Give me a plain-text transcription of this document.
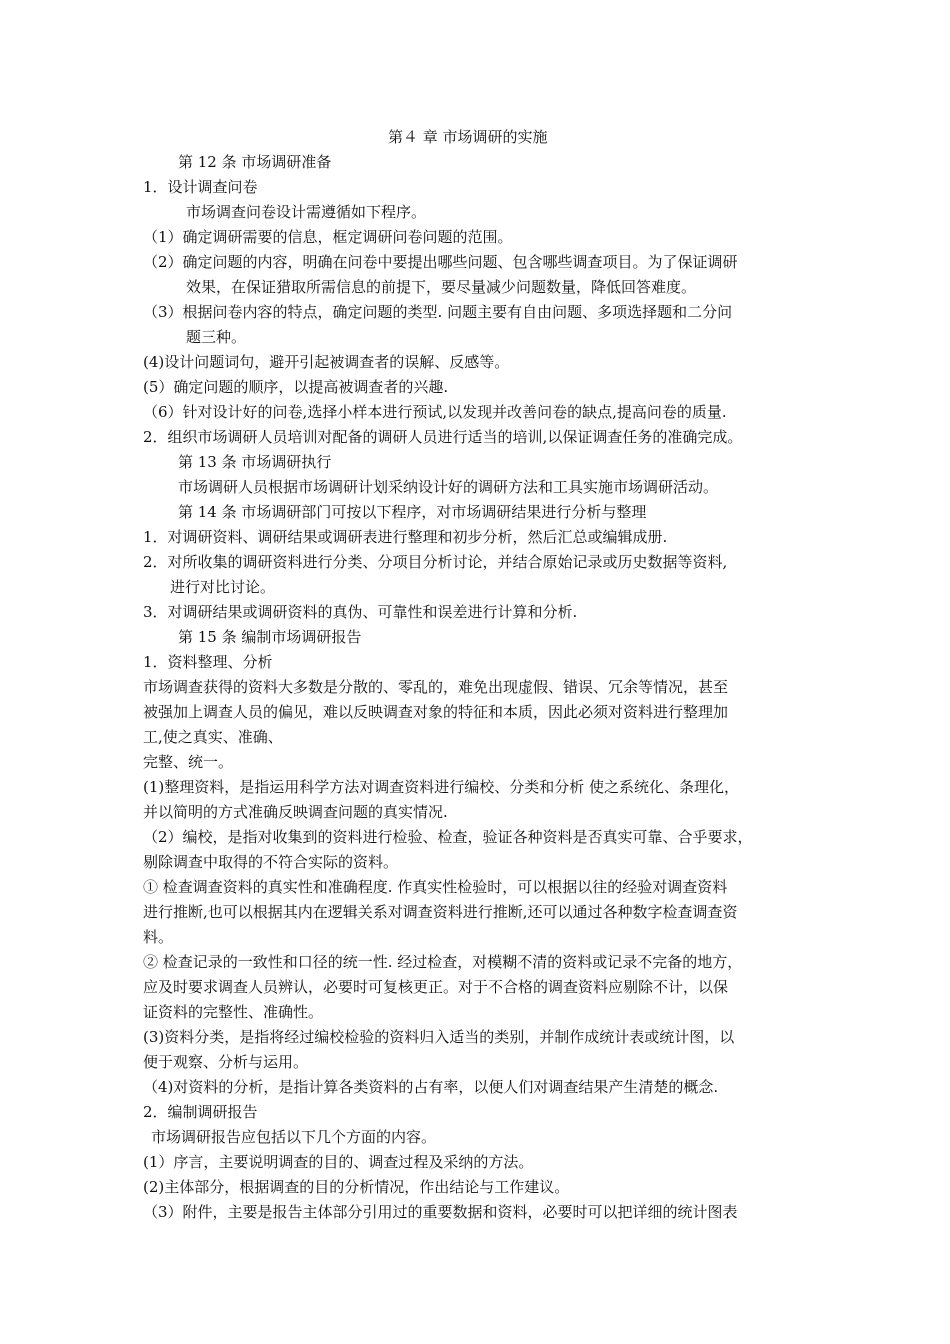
第４ 章 市场调研的实施
第 12 条 市场调研准备
1．设计调查问卷
市场调查问卷设计需遵循如下程序。
（1）确定调研需要的信息，框定调研问卷问题的范围。
（2）确定问题的内容，明确在问卷中要提出哪些问题、包含哪些调查项目。为了保证调研
效果，在保证猎取所需信息的前提下，要尽量减少问题数量，降低回答难度。
（3）根据问卷内容的特点，确定问题的类型. 问题主要有自由问题、多项选择题和二分问
题三种。
(4)设计问题词句，避开引起被调查者的误解、反感等。
(5）确定问题的顺序，以提高被调查者的兴趣.
（6）针对设计好的问卷,选择小样本进行预试,以发现并改善问卷的缺点,提高问卷的质量.
2．组织市场调研人员培训对配备的调研人员进行适当的培训,以保证调查任务的准确完成。
第 13 条 市场调研执行
市场调研人员根据市场调研计划采纳设计好的调研方法和工具实施市场调研活动。
第 14 条 市场调研部门可按以下程序，对市场调研结果进行分析与整理
1．对调研资料、调研结果或调研表进行整理和初步分析，然后汇总或编辑成册.
2．对所收集的调研资料进行分类、分项目分析讨论，并结合原始记录或历史数据等资料,
进行对比讨论。
3．对调研结果或调研资料的真伪、可靠性和误差进行计算和分析.
第 15 条 编制市场调研报告
1．资料整理、分析
市场调查获得的资料大多数是分散的、零乱的，难免出现虚假、错误、冗余等情况，甚至
被强加上调查人员的偏见，难以反映调查对象的特征和本质，因此必须对资料进行整理加
工,使之真实、准确、
完整、统一。
(1)整理资料，是指运用科学方法对调查资料进行编校、分类和分析 使之系统化、条理化，
并以简明的方式准确反映调查问题的真实情况.
（2）编校，是指对收集到的资料进行检验、检查，验证各种资料是否真实可靠、合乎要求，
剔除调查中取得的不符合实际的资料。
① 检查调查资料的真实性和准确程度. 作真实性检验时，可以根据以往的经验对调查资料
进行推断,也可以根据其内在逻辑关系对调查资料进行推断,还可以通过各种数字检查调查资
料。
② 检查记录的一致性和口径的统一性. 经过检查，对模糊不清的资料或记录不完备的地方，
应及时要求调查人员辨认，必要时可复核更正。对于不合格的调查资料应剔除不计，以保
证资料的完整性、准确性。
(3)资料分类，是指将经过编校检验的资料归入适当的类别，并制作成统计表或统计图，以
便于观察、分析与运用。
（4)对资料的分析，是指计算各类资料的占有率，以便人们对调查结果产生清楚的概念.
2．编制调研报告
市场调研报告应包括以下几个方面的内容。
(1）序言，主要说明调查的目的、调查过程及采纳的方法。
(2)主体部分，根据调查的目的分析情况，作出结论与工作建议。
（3）附件，主要是报告主体部分引用过的重要数据和资料，必要时可以把详细的统计图表
